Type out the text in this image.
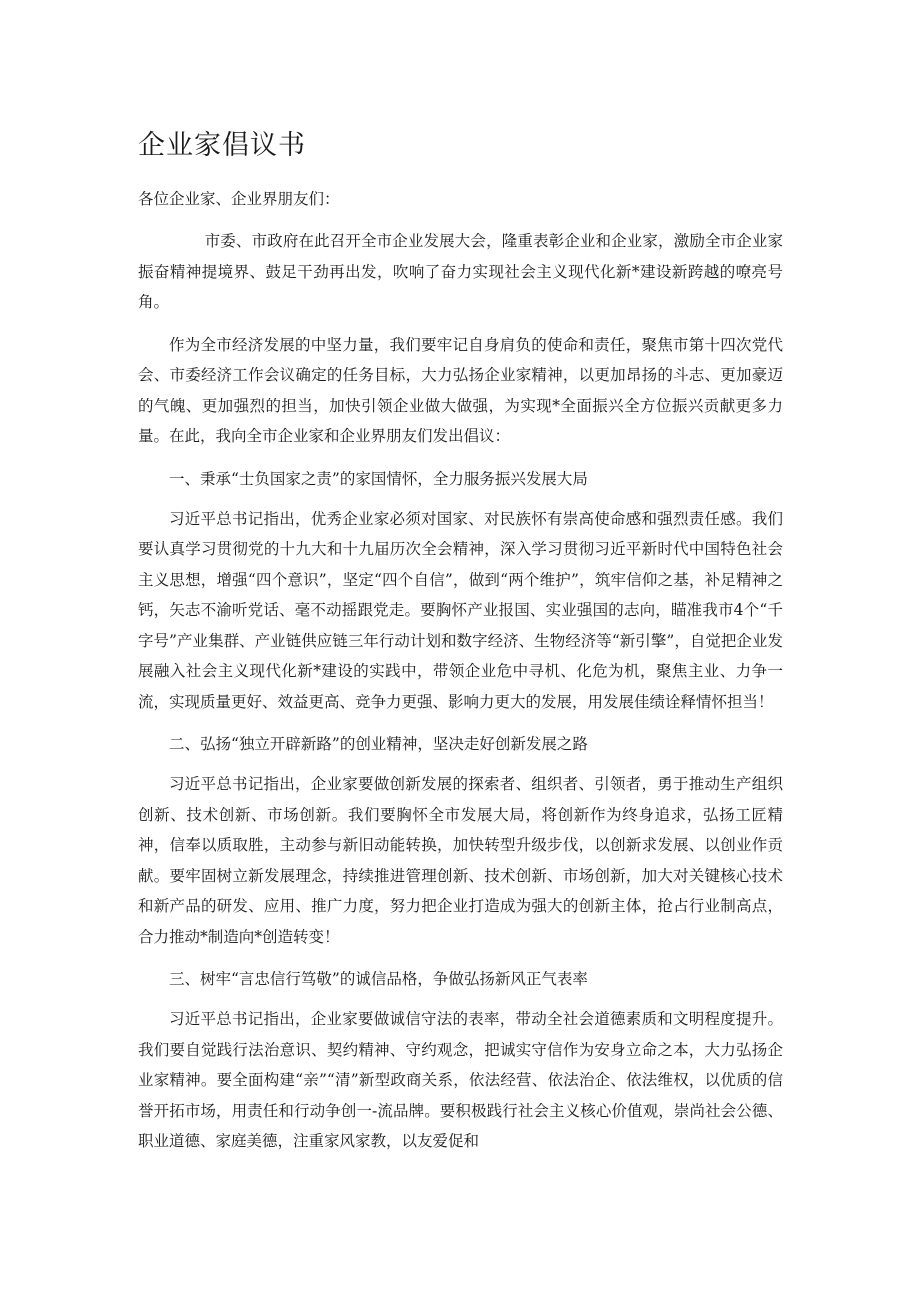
企业家倡议书

各位企业家、企业界朋友们：

市委、市政府在此召开全市企业发展大会，隆重表彰企业和企业家，激励全市企业家振奋精神提境界、鼓足干劲再出发，吹响了奋力实现社会主义现代化新*建设新跨越的嘹亮号角。

作为全市经济发展的中坚力量，我们要牢记自身肩负的使命和责任，聚焦市第十四次党代会、市委经济工作会议确定的任务目标，大力弘扬企业家精神，以更加昂扬的斗志、更加豪迈的气魄、更加强烈的担当，加快引领企业做大做强，为实现*全面振兴全方位振兴贡献更多力量。在此，我向全市企业家和企业界朋友们发出倡议：

一、秉承“士负国家之责”的家国情怀，全力服务振兴发展大局

习近平总书记指出，优秀企业家必须对国家、对民族怀有崇高使命感和强烈责任感。我们要认真学习贯彻党的十九大和十九届历次全会精神，深入学习贯彻习近平新时代中国特色社会主义思想，增强“四个意识”，坚定“四个自信”，做到“两个维护”，筑牢信仰之基，补足精神之钙，矢志不渝听党话、毫不动摇跟党走。要胸怀产业报国、实业强国的志向，瞄准我市4个“千字号”产业集群、产业链供应链三年行动计划和数字经济、生物经济等“新引擎”，自觉把企业发展融入社会主义现代化新*建设的实践中，带领企业危中寻机、化危为机，聚焦主业、力争一流，实现质量更好、效益更高、竞争力更强、影响力更大的发展，用发展佳绩诠释情怀担当！

二、弘扬“独立开辟新路”的创业精神，坚决走好创新发展之路

习近平总书记指出，企业家要做创新发展的探索者、组织者、引领者，勇于推动生产组织创新、技术创新、市场创新。我们要胸怀全市发展大局，将创新作为终身追求，弘扬工匠精神，信奉以质取胜，主动参与新旧动能转换，加快转型升级步伐，以创新求发展、以创业作贡献。要牢固树立新发展理念，持续推进管理创新、技术创新、市场创新，加大对关键核心技术和新产品的研发、应用、推广力度，努力把企业打造成为强大的创新主体，抢占行业制高点，合力推动*制造向*创造转变！

三、树牢“言忠信行笃敬”的诚信品格，争做弘扬新风正气表率

习近平总书记指出，企业家要做诚信守法的表率，带动全社会道德素质和文明程度提升。我们要自觉践行法治意识、契约精神、守约观念，把诚实守信作为安身立命之本，大力弘扬企业家精神。要全面构建“亲”“清”新型政商关系，依法经营、依法治企、依法维权，以优质的信誉开拓市场，用责任和行动争创一-流品牌。要积极践行社会主义核心价值观，崇尚社会公德、职业道德、家庭美德，注重家风家教，以友爱促和
